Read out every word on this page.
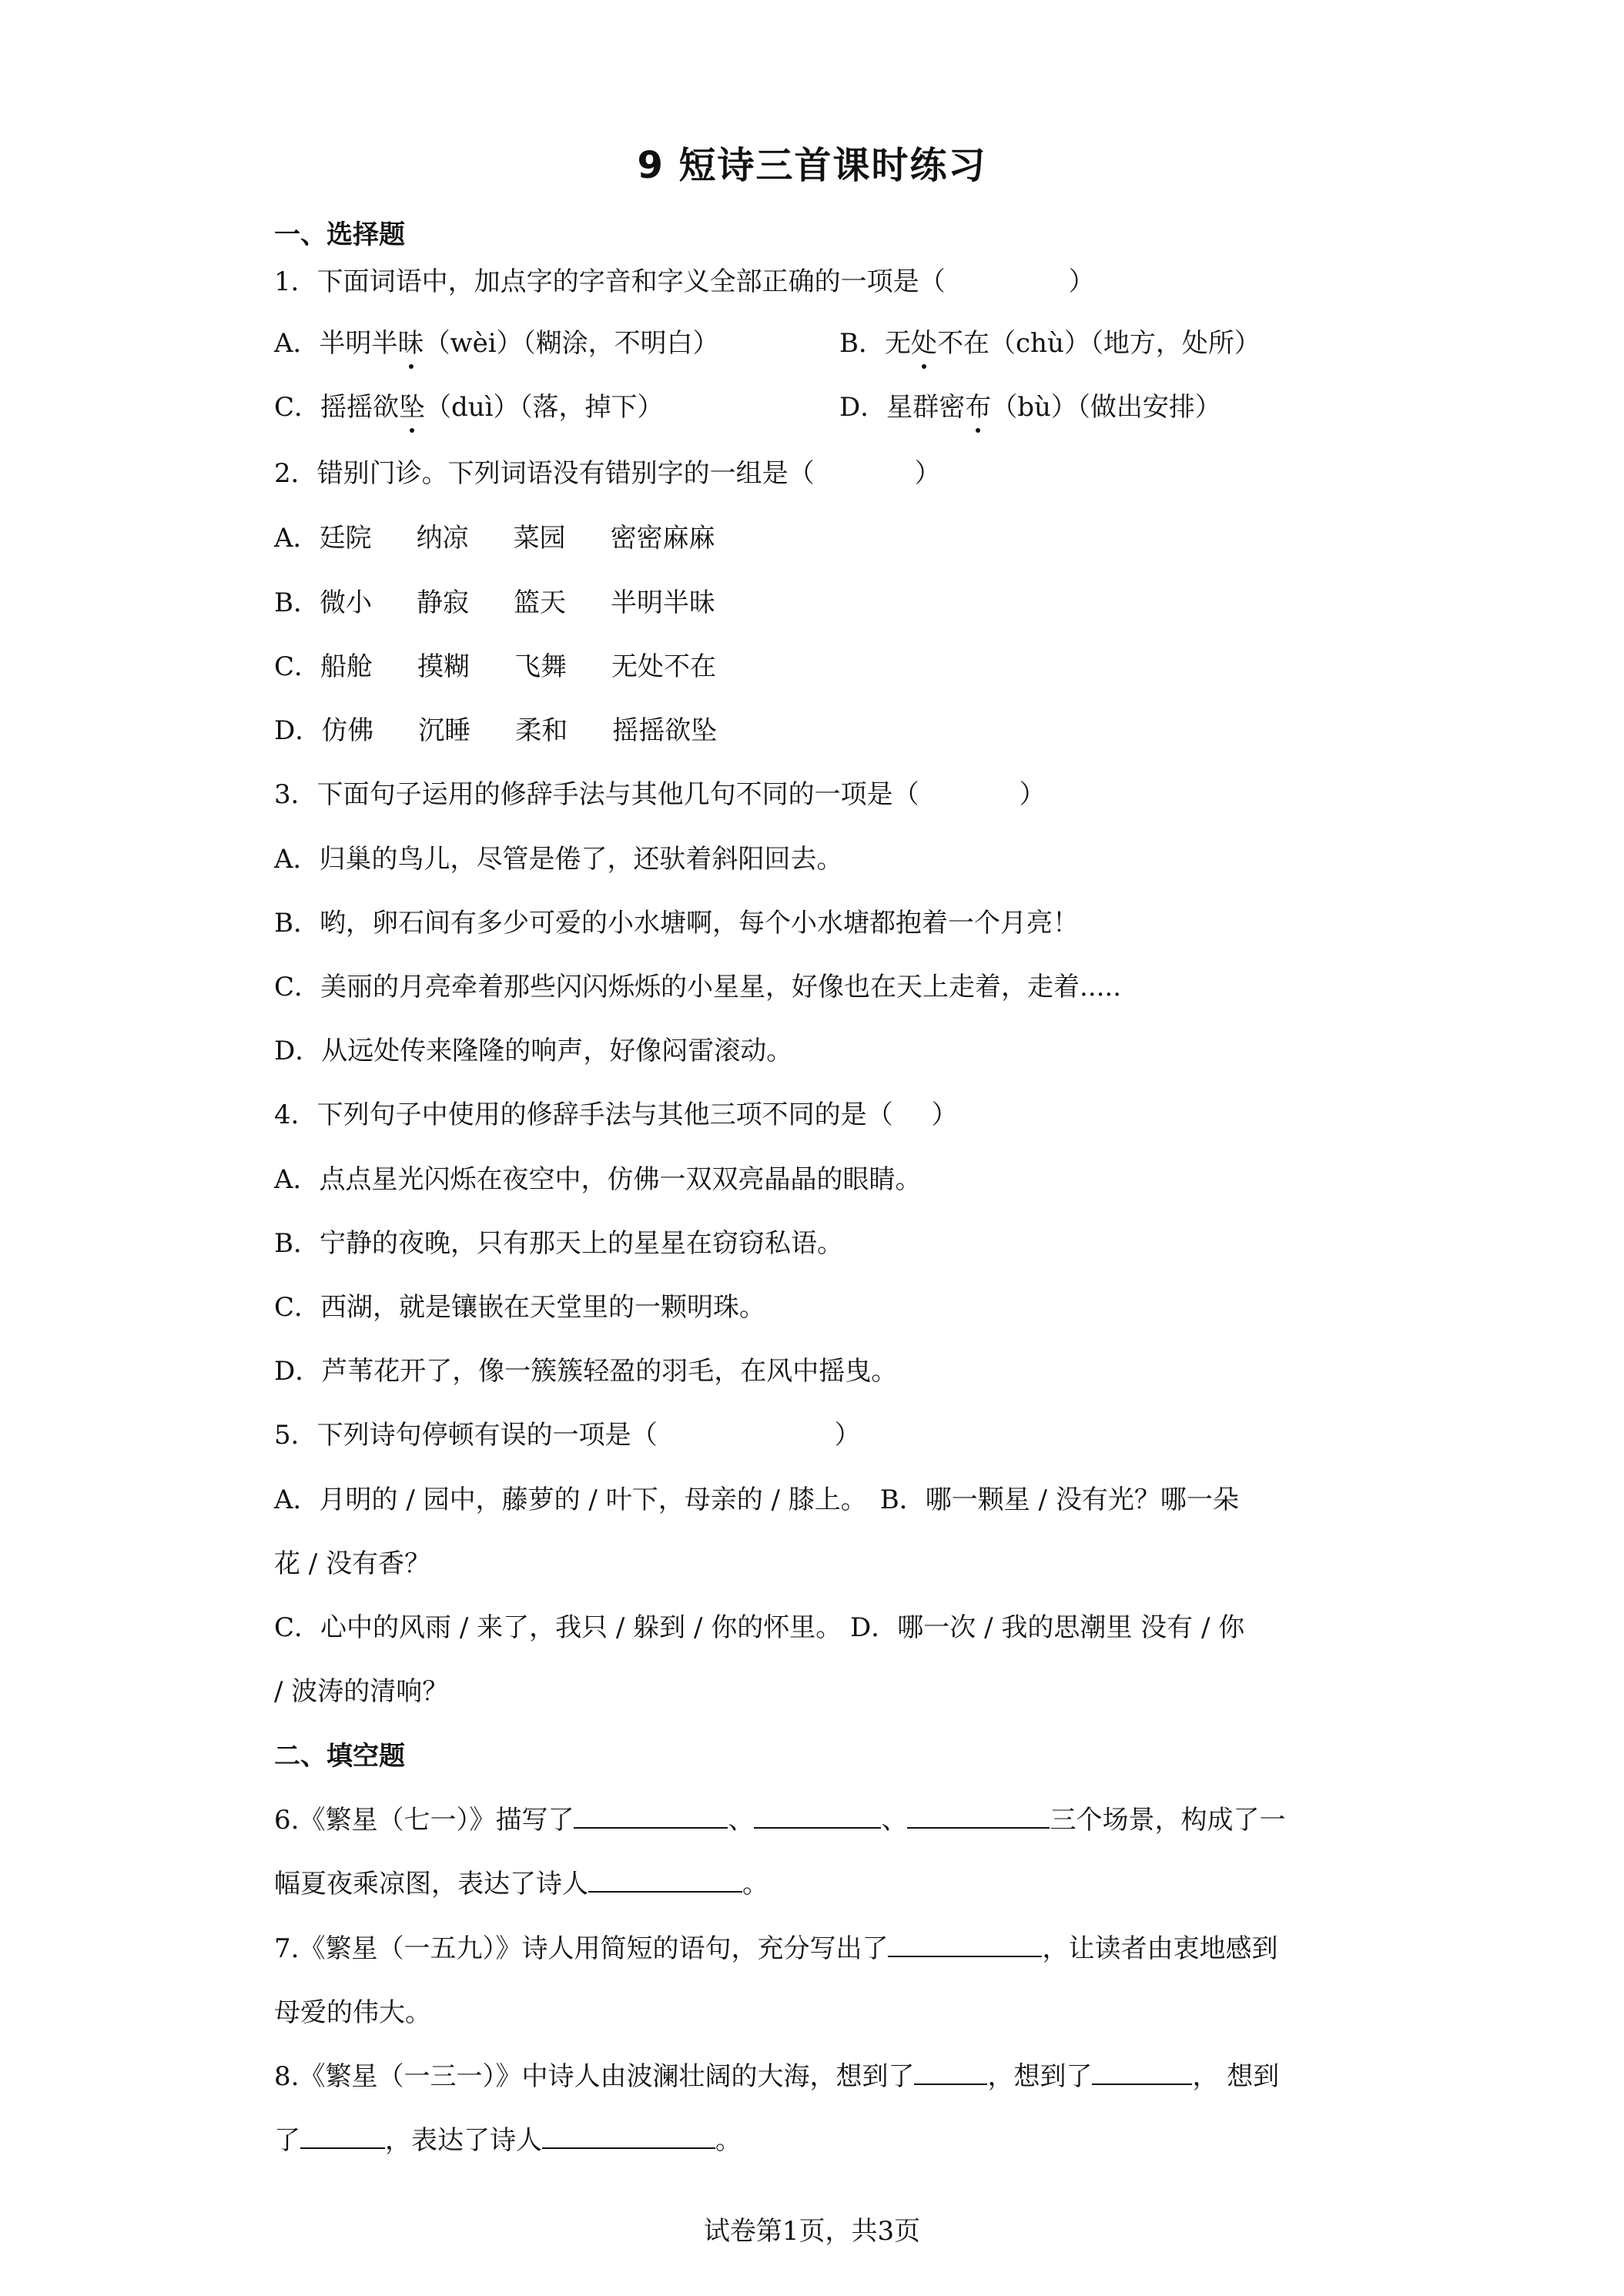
9 短诗三首课时练习
一、选择题
1．下面词语中，加点字的字音和字义全部正确的一项是（	）
A．半明半昧（wèi）（糊涂，不明白）	B．无处不在（chù）（地方，处所）
C．摇摇欲坠（duì）（落，掉下）	D．星群密布（bù）（做出安排）
2．错别门诊。下列词语没有错别字的一组是（	）
A．廷院 纳凉 菜园 密密麻麻
B．微小 静寂 篮天 半明半昧
C．船舱 摸糊 飞舞 无处不在
D．仿佛 沉睡 柔和 摇摇欲坠
3．下面句子运用的修辞手法与其他几句不同的一项是（	）
A．归巢的鸟儿，尽管是倦了，还驮着斜阳回去。
B．哟，卵石间有多少可爱的小水塘啊，每个小水塘都抱着一个月亮！
C．美丽的月亮牵着那些闪闪烁烁的小星星，好像也在天上走着，走着.....
D．从远处传来隆隆的响声，好像闷雷滚动。
4．下列句子中使用的修辞手法与其他三项不同的是（ ）
A．点点星光闪烁在夜空中，仿佛一双双亮晶晶的眼睛。
B．宁静的夜晚，只有那天上的星星在窃窃私语。
C．西湖，就是镶嵌在天堂里的一颗明珠。
D．芦苇花开了，像一簇簇轻盈的羽毛，在风中摇曳。
5．下列诗句停顿有误的一项是（	）
A．月明的 / 园中，藤萝的 / 叶下，母亲的 / 膝上。　B．哪一颗星 / 没有光？哪一朵
花 / 没有香？
C．心中的风雨 / 来了，我只 / 躲到 / 你的怀里。 D．哪一次 / 我的思潮里 没有 / 你
/ 波涛的清响？
二、填空题
6.《繁星（七一）》描写了	、	、	三个场景，构成了一
幅夏夜乘凉图，表达了诗人	。
7.《繁星（一五九）》诗人用简短的语句，充分写出了	，让读者由衷地感到
母爱的伟大。
8.《繁星（一三一）》中诗人由波澜壮阔的大海，想到了	，想到了	， 想到
了	，表达了诗人	。
试卷第1页，共3页
